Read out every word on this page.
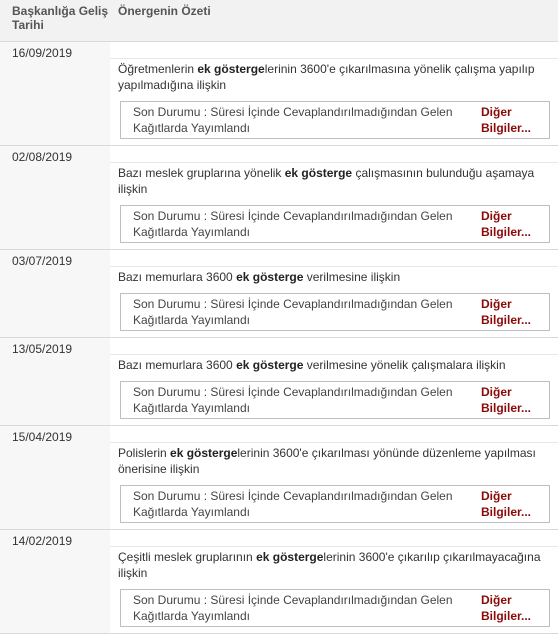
Başkanlığa Geliş Tarihi
Önergenin Özeti
16/09/2019
Öğretmenlerin ek göstergelerinin 3600'e çıkarılmasına yönelik çalışma yapılıp yapılmadığına ilişkin
Son Durumu : Süresi İçinde Cevaplandırılmadığından Gelen Kağıtlarda Yayımlandı
Diğer Bilgiler...
02/08/2019
Bazı meslek gruplarına yönelik ek gösterge çalışmasının bulunduğu aşamaya ilişkin
Son Durumu : Süresi İçinde Cevaplandırılmadığından Gelen Kağıtlarda Yayımlandı
Diğer Bilgiler...
03/07/2019
Bazı memurlara 3600 ek gösterge verilmesine ilişkin
Son Durumu : Süresi İçinde Cevaplandırılmadığından Gelen Kağıtlarda Yayımlandı
Diğer Bilgiler...
13/05/2019
Bazı memurlara 3600 ek gösterge verilmesine yönelik çalışmalara ilişkin
Son Durumu : Süresi İçinde Cevaplandırılmadığından Gelen Kağıtlarda Yayımlandı
Diğer Bilgiler...
15/04/2019
Polislerin ek göstergelerinin 3600'e çıkarılması yönünde düzenleme yapılması önerisine ilişkin
Son Durumu : Süresi İçinde Cevaplandırılmadığından Gelen Kağıtlarda Yayımlandı
Diğer Bilgiler...
14/02/2019
Çeşitli meslek gruplarının ek göstergelerinin 3600'e çıkarılıp çıkarılmayacağına ilişkin
Son Durumu : Süresi İçinde Cevaplandırılmadığından Gelen Kağıtlarda Yayımlandı
Diğer Bilgiler...
